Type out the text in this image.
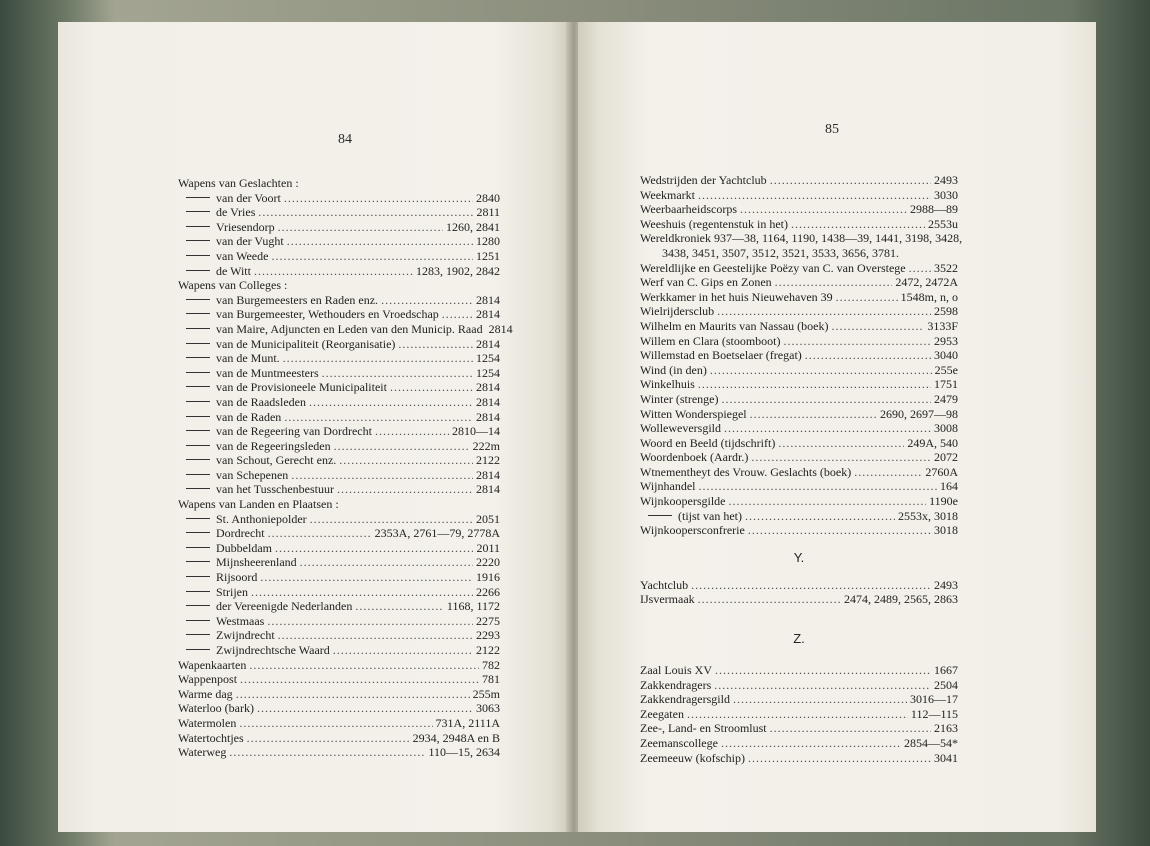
84
Wapens van Geslachten :
van der Voort . . .	2840
de Vries . . .	2811
Vriesendorp . . .	1260, 2841
van der Vught . . .	1280
van Weede . . .	1251
de Witt . . .	1283, 1902, 2842
Wapens van Colleges :
van Burgemeesters en Raden enz. . . .	2814
van Burgemeester, Wethouders en Vroedschap . . .	2814
van Maire, Adjuncten en Leden van den Municip. Raad 2814
van de Municipaliteit (Reorganisatie) . . .	2814
van de Munt. . . .	1254
van de Muntmeesters . . .	1254
van de Provisioneele Municipaliteit . . .	2814
van de Raadsleden . . .	2814
van de Raden . . .	2814
van de Regeering van Dordrecht . . .	2810—14
van de Regeeringsleden . . .	222m
van Schout, Gerecht enz. . . .	2122
van Schepenen . . .	2814
van het Tusschenbestuur . . .	2814
Wapens van Landen en Plaatsen :
St. Anthoniepolder . . .	2051
Dordrecht . . .	2353A, 2761—79, 2778A
Dubbeldam . . .	2011
Mijnsheerenland . . .	2220
Rijsoord . . .	1916
Strijen . . .	2266
der Vereenigde Nederlanden . . .	1168, 1172
Westmaas . . .	2275
Zwijndrecht . . .	2293
Zwijndrechtsche Waard . . .	2122
Wapenkaarten . . .	782
Wappenpost . . .	781
Warme dag . . .	255m
Waterloo (bark) . . .	3063
Watermolen . . .	731A, 2111A
Watertochtjes . . .	2934, 2948A en B
Waterweg . . .	110—15, 2634
85
Wedstrijden der Yachtclub . . .	2493
Weekmarkt . . .	3030
Weerbaarheidscorps . . .	2988—89
Weeshuis (regentenstuk in het) . . .	2553u
Wereldkroniek 937—38, 1164, 1190, 1438—39, 1441, 3198, 3428,
3438, 3451, 3507, 3512, 3521, 3533, 3656, 3781.
Wereldlijke en Geestelijke Poëzy van C. van Overstege . . . 3522
Werf van C. Gips en Zonen . . .	2472, 2472A
Werkkamer in het huis Nieuwehaven 39 . . .	1548m, n, o
Wielrijdersclub . . .	2598
Wilhelm en Maurits van Nassau (boek) . . .	3133F
Willem en Clara (stoomboot) . . .	2953
Willemstad en Boetselaer (fregat) . . .	3040
Wind (in den) . . .	255e
Winkelhuis . . .	1751
Winter (strenge) . . .	2479
Witten Wonderspiegel . . .	2690, 2697—98
Wolleweversgild . . .	3008
Woord en Beeld (tijdschrift) . . .	249A, 540
Woordenboek (Aardr.) . . .	2072
Wtnementheyt des Vrouw. Geslachts (boek) . . .	2760A
Wijnhandel . . .	164
Wijnkoopersgilde . . .	1190e
(tijst van het) . . .	2553x, 3018
Wijnkoopersconfrerie . . .	3018
Y.
Yachtclub . . .	2493
IJsvermaak . . .	2474, 2489, 2565, 2863
Z.
Zaal Louis XV . . .	1667
Zakkendragers . . .	2504
Zakkendragersgild . . .	3016—17
Zeegaten . . .	112—115
Zee-, Land- en Stroomlust . . .	2163
Zeemanscollege . . .	2854—54*
Zeemeeuw (kofschip) . . .	3041
